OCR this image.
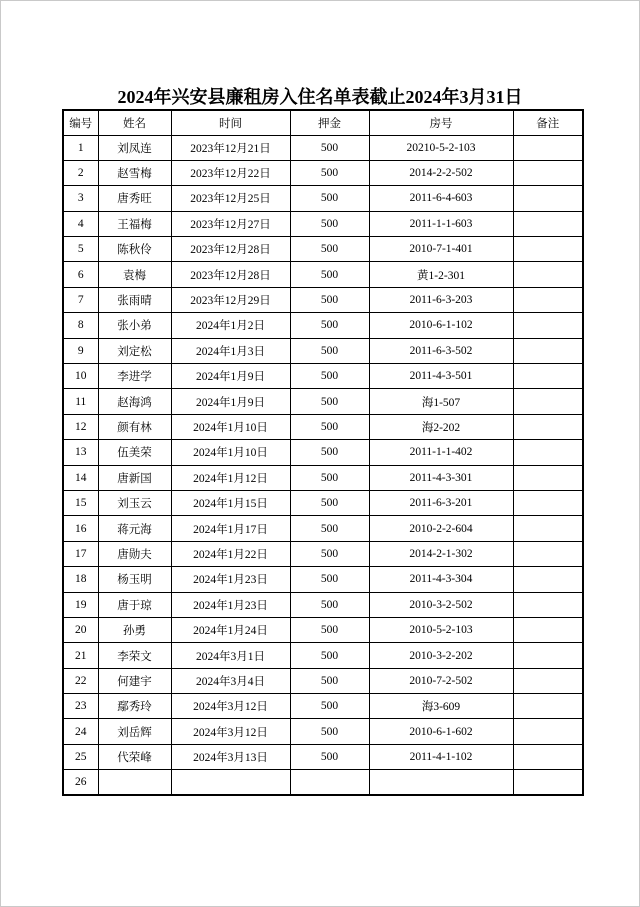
2024年兴安县廉租房入住名单表截止2024年3月31日
编号	姓名	时间	押金	房号	备注
1	刘凤连	2023年12月21日	500	20210-5-2-103	
2	赵雪梅	2023年12月22日	500	2014-2-2-502	
3	唐秀旺	2023年12月25日	500	2011-6-4-603	
4	王福梅	2023年12月27日	500	2011-1-1-603	
5	陈秋伶	2023年12月28日	500	2010-7-1-401	
6	袁梅	2023年12月28日	500	黄1-2-301	
7	张雨晴	2023年12月29日	500	2011-6-3-203	
8	张小弟	2024年1月2日	500	2010-6-1-102	
9	刘定松	2024年1月3日	500	2011-6-3-502	
10	李进学	2024年1月9日	500	2011-4-3-501	
11	赵海鸿	2024年1月9日	500	海1-507	
12	颜有林	2024年1月10日	500	海2-202	
13	伍美荣	2024年1月10日	500	2011-1-1-402	
14	唐新国	2024年1月12日	500	2011-4-3-301	
15	刘玉云	2024年1月15日	500	2011-6-3-201	
16	蒋元海	2024年1月17日	500	2010-2-2-604	
17	唐勋夫	2024年1月22日	500	2014-2-1-302	
18	杨玉明	2024年1月23日	500	2011-4-3-304	
19	唐于琼	2024年1月23日	500	2010-3-2-502	
20	孙勇	2024年1月24日	500	2010-5-2-103	
21	李荣文	2024年3月1日	500	2010-3-2-202	
22	何建宇	2024年3月4日	500	2010-7-2-502	
23	鄢秀玲	2024年3月12日	500	海3-609	
24	刘岳辉	2024年3月12日	500	2010-6-1-602	
25	代荣峰	2024年3月13日	500	2011-4-1-102	
26					
